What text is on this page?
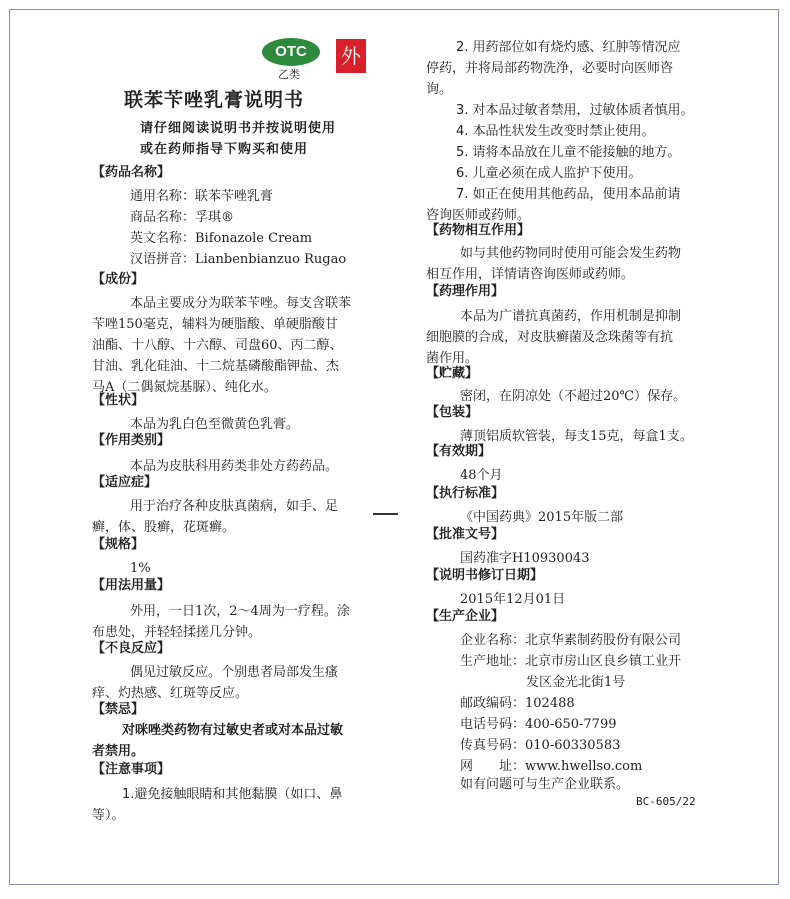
OTC
乙类
外
联苯苄唑乳膏说明书
请仔细阅读说明书并按说明使用
或在药师指导下购买和使用
【药品名称】
通用名称：联苯苄唑乳膏
商品名称：孚琪®
英文名称：Bifonazole Cream
汉语拼音：Lianbenbianzuo Rugao
【成份】
本品主要成分为联苯苄唑。每支含联苯
苄唑150毫克，辅料为硬脂酸、单硬脂酸甘
油酯、十八醇、十六醇、司盘60、丙二醇、
甘油、乳化硅油、十二烷基磷酸酯钾盐、杰
马A（二偶氮烷基脲）、纯化水。
【性状】
本品为乳白色至微黄色乳膏。
【作用类别】
本品为皮肤科用药类非处方药药品。
【适应症】
用于治疗各种皮肤真菌病，如手、足
癣，体、股癣，花斑癣。
【规格】
1%
【用法用量】
外用，一日1次，2～4周为一疗程。涂
布患处，并轻轻揉搓几分钟。
【不良反应】
偶见过敏反应。个别患者局部发生瘙
痒、灼热感、红斑等反应。
【禁忌】
对咪唑类药物有过敏史者或对本品过敏
者禁用。
【注意事项】
1.避免接触眼睛和其他黏膜（如口、鼻
等）。
2. 用药部位如有烧灼感、红肿等情况应
停药，并将局部药物洗净，必要时向医师咨
询。
3. 对本品过敏者禁用，过敏体质者慎用。
4. 本品性状发生改变时禁止使用。
5. 请将本品放在儿童不能接触的地方。
6. 儿童必须在成人监护下使用。
7. 如正在使用其他药品，使用本品前请
咨询医师或药师。
【药物相互作用】
如与其他药物同时使用可能会发生药物
相互作用，详情请咨询医师或药师。
【药理作用】
本品为广谱抗真菌药，作用机制是抑制
细胞膜的合成，对皮肤癣菌及念珠菌等有抗
菌作用。
【贮藏】
密闭，在阴凉处（不超过20℃）保存。
【包装】
薄顶铝质软管装，每支15克，每盒1支。
【有效期】
48个月
【执行标准】
《中国药典》2015年版二部
【批准文号】
国药准字H10930043
【说明书修订日期】
2015年12月01日
【生产企业】
企业名称：北京华素制药股份有限公司
生产地址：北京市房山区良乡镇工业开
发区金光北街1号
邮政编码：102488
电话号码：400-650-7799
传真号码：010-60330583
网　　址：www.hwellso.com
如有问题可与生产企业联系。
BC-605/22
